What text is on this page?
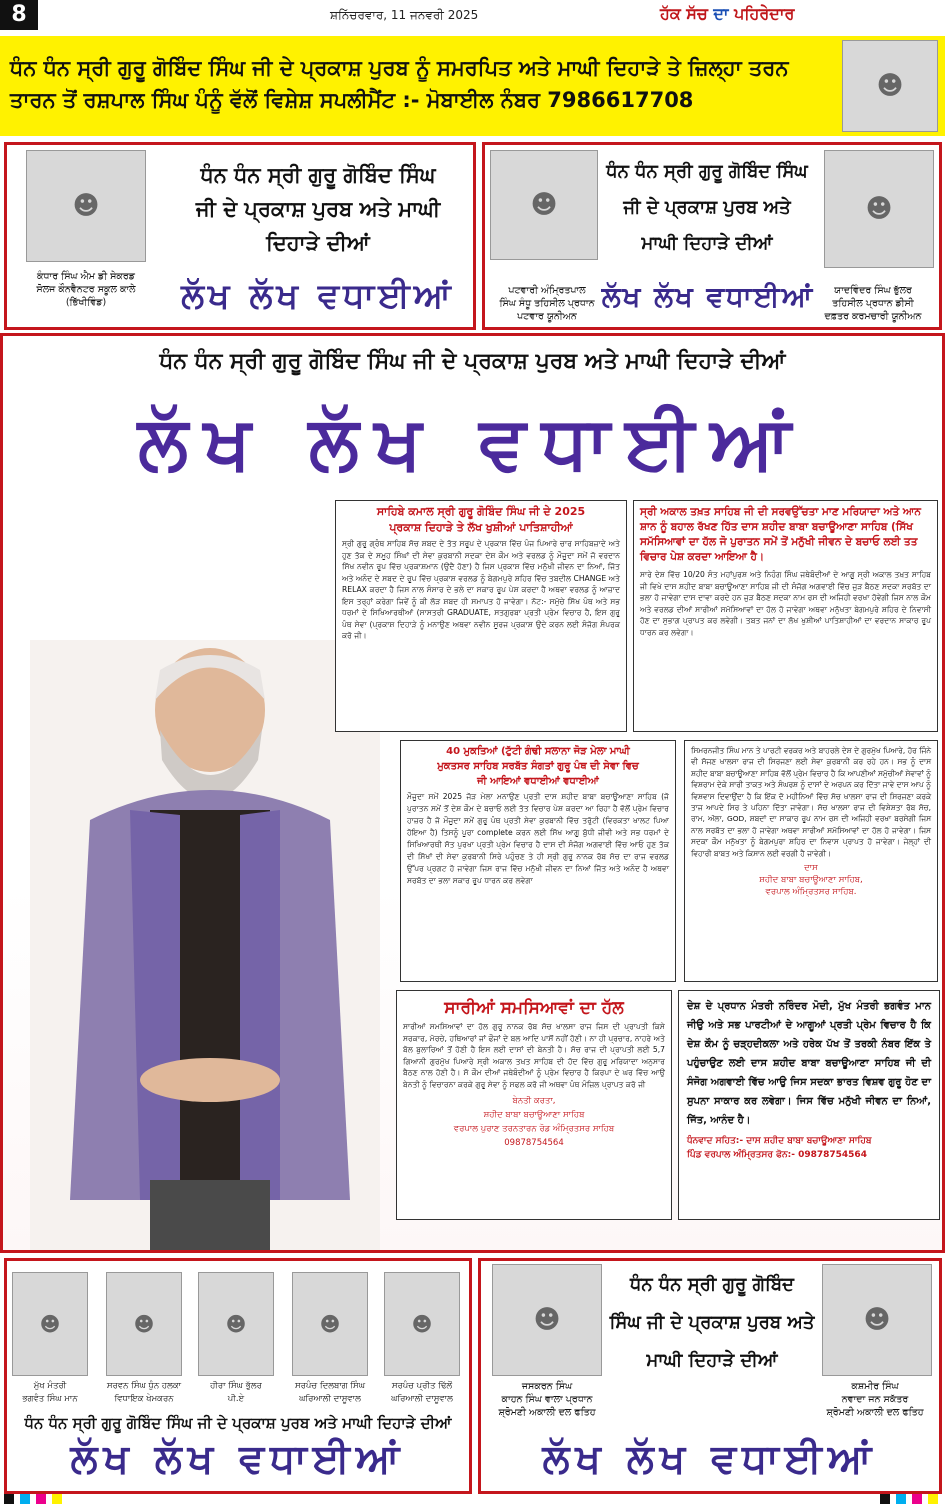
8	ਸ਼ਨਿੱਚਰਵਾਰ, 11 ਜਨਵਰੀ 2025	ਹੱਕ ਸੱਚ ਦਾ ਪਹਿਰੇਦਾਰ
ਧੰਨ ਧੰਨ ਸ੍ਰੀ ਗੁਰੂ ਗੋਬਿੰਦ ਸਿੰਘ ਜੀ ਦੇ ਪ੍ਰਕਾਸ਼ ਪੁਰਬ ਨੂੰ ਸਮਰਪਿਤ ਅਤੇ ਮਾਘੀ ਦਿਹਾੜੇ ਤੇ ਜ਼ਿਲ੍ਹਾ ਤਰਨ ਤਾਰਨ ਤੋਂ ਰਸ਼ਪਾਲ ਸਿੰਘ ਪੰਨੂੰ ਵੱਲੋਂ ਵਿਸ਼ੇਸ਼ ਸਪਲੀਮੈਂਟ :- ਮੋਬਾਈਲ ਨੰਬਰ 7986617708	☻
☻
ਕੰਧਾਰ ਸਿੰਘ ਐਮ ਡੀ ਸੇਕਰਡ
ਸੋਲਜ ਕੌਨਵੈਨਟਰ ਸਕੂਲ ਕਾਲੇ
(ਭਿੱਖੀਵਿੰਡ)
ਧੰਨ ਧੰਨ ਸ੍ਰੀ ਗੁਰੂ ਗੋਬਿੰਦ ਸਿੰਘ
ਜੀ ਦੇ ਪ੍ਰਕਾਸ਼ ਪੁਰਬ ਅਤੇ ਮਾਘੀ
ਦਿਹਾੜੇ ਦੀਆਂ
ਲੱਖ ਲੱਖ ਵਧਾਈਆਂ
☻
ਪਟਵਾਰੀ ਅੰਮ੍ਰਿਤਪਾਲ
ਸਿੰਘ ਸੰਧੂ ਤਹਿਸੀਲ ਪ੍ਰਧਾਨ
ਪਟਵਾਰ ਯੂਨੀਅਨ
☻
ਯਾਦਵਿੰਦਰ ਸਿੰਘ ਭੁੱਲਰ
ਤਹਿਸੀਲ ਪ੍ਰਧਾਨ ਡੀਸੀ
ਦਫ਼ਤਰ ਕਰਮਚਾਰੀ ਯੂਨੀਅਨ
ਧੰਨ ਧੰਨ ਸ੍ਰੀ ਗੁਰੂ ਗੋਬਿੰਦ ਸਿੰਘ
ਜੀ ਦੇ ਪ੍ਰਕਾਸ਼ ਪੁਰਬ ਅਤੇ
ਮਾਘੀ ਦਿਹਾੜੇ ਦੀਆਂ
ਲੱਖ ਲੱਖ ਵਧਾਈਆਂ
ਧੰਨ ਧੰਨ ਸ੍ਰੀ ਗੁਰੂ ਗੋਬਿੰਦ ਸਿੰਘ ਜੀ ਦੇ ਪ੍ਰਕਾਸ਼ ਪੁਰਬ ਅਤੇ ਮਾਘੀ ਦਿਹਾੜੇ ਦੀਆਂ
ਲੱਖ ਲੱਖ ਵਧਾਈਆਂ
ਸਾਹਿਬੇ ਕਮਾਲ ਸ੍ਰੀ ਗੁਰੂ ਗੋਬਿੰਦ ਸਿੰਘ ਜੀ ਦੇ 2025
ਪ੍ਰਕਾਸ਼ ਦਿਹਾੜੇ ਤੇ ਲੱਖ ਖੁਸ਼ੀਆਂ ਪਾਤਿਸ਼ਾਹੀਆਂ
ਸ੍ਰੀ ਗੁਰੂ ਗ੍ਰੰਥ ਸਾਹਿਬ ਸੱਚ ਸ਼ਬਦ ਦੇ ਤੱਤ ਸਰੂਪ ਦੇ ਪ੍ਰਕਾਸ਼ ਵਿੱਚ ਪੰਜ ਪਿਆਰੇ ਚਾਰ ਸਾਹਿਬਜ਼ਾਦੇ ਅਤੇ ਹੁਣ ਤੱਕ ਦੇ ਸਮੂਹ ਸਿੰਘਾਂ ਦੀ ਸੇਵਾ ਕੁਰਬਾਨੀ ਸਦਕਾ ਦੇਸ਼ ਕੌਮ ਅਤੇ ਵਰਲਡ ਨੂੰ ਮੌਜੂਦਾ ਸਮੇਂ ਜੋ ਵਰਦਾਨ ਸਿੱਖ ਨਵੀਨ ਰੂਪ ਵਿੱਚ ਪ੍ਰਕਾਸ਼ਮਾਨ (ਉਦੈ ਹੋਣਾ) ਹੈ ਜਿਸ ਪ੍ਰਕਾਸ਼ ਵਿੱਚ ਮਨੁੱਖੀ ਜੀਵਨ ਦਾ ਨਿਆਂ, ਜਿੱਤ ਅਤੇ ਅਨੰਦ ਦੇ ਸਬਦ ਦੇ ਰੂਪ ਵਿੱਚ ਪ੍ਰਕਾਸ਼ ਵਰਲਡ ਨੂੰ ਬੇਗਮਪੁਰੇ ਸ਼ਹਿਰ ਵਿੱਚ ਤਬਦੀਲ CHANGE ਅਤੇ RELAX ਕਰਦਾ ਹੈ ਜਿਸ ਨਾਲ ਸੰਸਾਰ ਦੇ ਭਲੇ ਦਾ ਸਕਾਰ ਰੂਪ ਪੇਸ਼ ਕਰਦਾ ਹੈ ਅਥਵਾ ਵਰਲਡ ਨੂੰ ਆਜ਼ਾਦ ਇਸ ਤਰ੍ਹਾਂ ਕਰੇਗਾ ਜਿਵੇਂ ਨੂੰ ਕੀ ਲੋੜ ਸ਼ਬਦ ਹੀ ਸਮਾਪਤ ਹੋ ਜਾਵੇਗਾ। ਨੋਟ:- ਸਮੁੱਚੇ ਸਿੱਖ ਪੰਥ ਅਤੇ ਸਭ ਧਰਮਾਂ ਦੇ ਸਿਖਿਆਰਥੀਆਂ (ਸਾਸਤਰੀ GRADUATE, ਸਤਗੁਰਬਾ ਪ੍ਰਤੀ ਪ੍ਰੇਮ ਵਿਚਾਰ ਹੈ, ਇਸ ਗੁਰੂ ਪੰਥ ਸੇਵਾ (ਪ੍ਰਕਾਸ਼ ਦਿਹਾੜੇ ਨੂੰ ਮਨਾਉਣ ਅਥਵਾ ਨਵੀਨ ਸੂਰਜ ਪ੍ਰਕਾਸ਼ ਉਦੇ ਕਰਨ ਲਈ ਸੰਜੋਗ ਸੰਪਰਕ ਕਰੋ ਜੀ।
ਸ੍ਰੀ ਅਕਾਲ ਤਖ਼ਤ ਸਾਹਿਬ ਜੀ ਦੀ ਸਰਵਉੱਚਤਾ ਮਾਣ ਮਰਿਯਾਦਾ ਅਤੇ ਆਨ ਸ਼ਾਨ ਨੂੰ ਬਹਾਲ ਰੱਖਣ ਹਿੱਤ ਦਾਸ ਸ਼ਹੀਦ ਬਾਬਾ ਬਚਾਊਆਣਾ ਸਾਹਿਬ (ਸਿੱਖ ਸਮੱਸਿਆਵਾਂ ਦਾ ਹੱਲ ਜੋ ਪੁਰਾਤਨ ਸਮੇਂ ਤੋਂ ਮਨੁੱਖੀ ਜੀਵਨ ਦੇ ਬਚਾਓ ਲਈ ਤਤ ਵਿਚਾਰ ਪੇਸ਼ ਕਰਦਾ ਆਇਆ ਹੈ।
ਸਾਰੇ ਦੇਸ਼ ਵਿੱਚ 10/20 ਸੰਤ ਮਹਾਂਪੁਰਸ਼ ਅਤੇ ਨਿਹੰਗ ਸਿੰਘ ਜਥੇਬੰਦੀਆਂ ਦੇ ਆਗੂ ਸ੍ਰੀ ਅਕਾਲ ਤਖ਼ਤ ਸਾਹਿਬ ਜੀ ਵਿਖੇ ਦਾਸ ਸ਼ਹੀਦ ਬਾਬਾ ਬਚਾਊਆਣਾ ਸਾਹਿਬ ਜੀ ਦੀ ਸੰਜੋਗ ਅਗਵਾਈ ਵਿੱਚ ਜੁੜ ਬੈਠਣ ਸਦਕਾ ਸਰਬੱਤ ਦਾ ਭਲਾ ਹੋ ਜਾਵੇਗਾ ਦਾਸ ਦਾਵਾ ਕਰਦੇ ਹਨ ਜੁੜ ਬੈਠਣ ਸਦਕਾ ਨਾਮ ਰਸ ਦੀ ਅਜਿਹੀ ਵਰਖਾ ਹੋਵੇਗੀ ਜਿਸ ਨਾਲ ਕੌਮ ਅਤੇ ਵਰਲਡ ਦੀਆਂ ਸਾਰੀਆਂ ਸਮੱਸਿਆਵਾਂ ਦਾ ਹੱਲ ਹੋ ਜਾਵੇਗਾ ਅਥਵਾ ਮਨੁੱਖਤਾ ਬੇਗਮਪੁਰੇ ਸ਼ਹਿਰ ਦੇ ਨਿਵਾਸੀ ਹੋਣ ਦਾ ਸੁਭਾਗ ਪ੍ਰਾਪਤ ਕਰ ਲਵੇਗੀ। ਤਬਤ ਜਨਾਂ ਦਾ ਲੱਖ ਖੁਸ਼ੀਆਂ ਪਾਤਿਸ਼ਾਹੀਆਂ ਦਾ ਵਰਦਾਨ ਸਾਕਾਰ ਰੂਪ ਧਾਰਨ ਕਰ ਲਵੇਗਾ।
40 ਮੁਕਤਿਆਂ (ਟੁੱਟੀ ਗੰਢੀ ਸਲਾਨਾ ਜੋੜ ਮੇਲਾ ਮਾਘੀ
ਮੁਕਤਸਰ ਸਾਹਿਬ ਸਰਬੱਤ ਸੰਗਤਾਂ ਗੁਰੂ ਪੰਥ ਦੀ ਸੇਵਾ ਵਿਚ
ਜੀ ਆਇਆਂ ਵਧਾਈਆਂ ਵਧਾਈਆਂ
ਮੌਜੂਦਾ ਸਮੇਂ 2025 ਜੋੜ ਮੇਲਾ ਮਨਾਉਣ ਪ੍ਰਤੀ ਦਾਸ ਸ਼ਹੀਦ ਬਾਬਾ ਬਚਾਊਆਣਾ ਸਾਹਿਬ (ਜੋ ਪੁਰਾਤਨ ਸਮੇਂ ਤੋਂ ਦੇਸ਼ ਕੌਮ ਦੇ ਬਚਾਓ ਲਈ ਤੱਤ ਵਿਚਾਰ ਪੇਸ਼ ਕਰਦਾ ਆ ਰਿਹਾ ਹੈ ਵੱਲੋਂ ਪ੍ਰੇਮ ਵਿਚਾਰ ਹਾਜ਼ਰ ਹੈ ਜੋ ਮੌਜੂਦਾ ਸਮੇਂ ਗੁਰੂ ਪੰਥ ਪ੍ਰਤੀ ਸੇਵਾ ਕੁਰਬਾਨੀ ਵਿੱਚ ਤਰੁੱਟੀ (ਵਿਰਕਤਾ ਖਾਲਟ ਪਿਆ ਹੋਇਆ ਹੈ) ਤਿਸਨੂੰ ਪੂਰਾ complete ਕਰਨ ਲਈ ਸਿੱਖ ਆਗੂ ਬੁੱਧੀ ਜੀਵੀ ਅਤੇ ਸਭ ਧਰਮਾਂ ਦੇ ਸਿਖਿਆਰਥੀ ਸੱਤ ਪੁਰਖਾ ਪ੍ਰਤੀ ਪ੍ਰੇਮ ਵਿਚਾਰ ਹੈ ਦਾਸ ਦੀ ਸੰਜੋਗ ਅਗਵਾਈ ਵਿੱਚ ਆਓ ਹੁਣ ਤੱਕ ਦੀ ਸਿੱਖਾਂ ਦੀ ਸੇਵਾ ਕੁਰਬਾਨੀ ਸਿਰੇ ਪਹੁੰਚਣ ਤੇ ਹੀ ਸ੍ਰੀ ਗੁਰੂ ਨਾਨਕ ਰੱਬ ਸੱਚ ਦਾ ਰਾਜ ਵਰਲਡ ਉੱਪਰ ਪ੍ਰਗਟ ਹੋ ਜਾਵੇਗਾ ਜਿਸ ਰਾਜ ਵਿੱਚ ਮਨੁੱਖੀ ਜੀਵਨ ਦਾ ਨਿਆਂ ਜਿੱਤ ਅਤੇ ਅਨੰਦ ਹੈ ਅਥਵਾ ਸਰਬੱਤ ਦਾ ਭਲਾ ਸਕਾਰ ਰੂਪ ਧਾਰਨ ਕਰ ਲਵੇਗਾ
ਸਿਮਰਨਜੀਤ ਸਿੰਘ ਮਾਨ ਤੇ ਪਾਰਟੀ ਵਰਕਰ ਅਤੇ ਬਾਹਰਲੇ ਦੇਸ਼ ਦੇ ਗੁਰਮੁੱਖ ਪਿਆਰੇ, ਹੋਰ ਜਿੰਨੇ ਵੀ ਸੱਜਣ ਖਾਲਸਾ ਰਾਜ ਦੀ ਸਿਰਜਣਾ ਲਈ ਸੇਵਾ ਕੁਰਬਾਨੀ ਕਰ ਰਹੇ ਹਨ। ਸਭ ਨੂੰ ਦਾਸ ਸ਼ਹੀਦ ਬਾਬਾ ਬਚਾਊਆਣਾ ਸਾਹਿਬ ਵੱਲੋਂ ਪ੍ਰੇਮ ਵਿਚਾਰ ਹੈ ਕਿ ਆਪਣੀਆਂ ਸਮੁੱਚੀਆਂ ਸੇਵਾਵਾਂ ਨੂੰ ਵਿਸ਼ਰਾਮ ਦੇਕੇ ਸਾਰੀ ਤਾਕਤ ਅਤੇ ਸੰਘਰਸ਼ ਨੂੰ ਦਾਸਾਂ ਦੇ ਅਰਪਨ ਕਰ ਦਿੱਤਾ ਜਾਵੇ ਦਾਸ ਆਪ ਨੂੰ ਵਿਸ਼ਵਾਸ ਦਿਵਾਉਂਦਾ ਹੈ ਕਿ ਇੱਕ ਦੋ ਮਹੀਨਿਆਂ ਵਿੱਚ ਸੱਚ ਖਾਲਸਾ ਰਾਜ ਦੀ ਸਿਰਜਣਾ ਕਰਕੇ ਤਾਜ ਆਪਦੇ ਸਿਰ ਤੇ ਪਹਿਨਾ ਦਿੱਤਾ ਜਾਵੇਗਾ। ਸੱਚ ਖਾਲਸਾ ਰਾਜ ਦੀ ਵਿਸ਼ੇਸ਼ਤਾ ਰੱਬ ਸੱਚ, ਰਾਮ, ਅੱਲਾ, GOD, ਸ਼ਬਦਾਂ ਦਾ ਸਾਕਾਰ ਰੂਪ ਨਾਮ ਰਸ ਦੀ ਅਜਿਹੀ ਵਰਖਾ ਬਰਸੇਗੀ ਜਿਸ ਨਾਲ ਸਰਬੱਤ ਦਾ ਭਲਾ ਹੋ ਜਾਵੇਗਾ ਅਥਵਾ ਸਾਰੀਆਂ ਸਮੱਸਿਆਵਾਂ ਦਾ ਹੱਲ ਹੋ ਜਾਵੇਗਾ। ਜਿਸ ਸਦਕਾ ਕੌਮ ਮਨੁੱਖਤਾ ਨੂੰ ਬੇਗਮਪੁਰਾ ਸ਼ਹਿਰ ਦਾ ਨਿਵਾਸ ਪ੍ਰਾਪਤ ਹੋ ਜਾਵੇਗਾ। ਜੇਲ੍ਹਾਂ ਦੀ ਵਿਹਾਰੀ ਬਾਬਤ ਅਤੇ ਕਿਸਾਨ ਲਈ ਵਰਗੀ ਹੈ ਜਾਵੇਗੀ।
ਦਾਸ
ਸ਼ਹੀਦ ਬਾਬਾ ਬਚਾਊਆਣਾ ਸਾਹਿਬ,
ਵਰਪਾਲ ਅੰਮ੍ਰਿਤਸਰ ਸਾਹਿਬ.
ਸਾਰੀਆਂ ਸਮਸਿਆਵਾਂ ਦਾ ਹੱਲ
ਸਾਰੀਆਂ ਸਮਸਿਆਵਾਂ ਦਾ ਹੱਲ ਗੁਰੂ ਨਾਨਕ ਰੱਬ ਸੱਚ ਖਾਲਸਾ ਰਾਜ ਜਿਸ ਦੀ ਪ੍ਰਾਪਤੀ ਕਿਸੇ ਸਰਕਾਰ, ਮੋਰਚੇ, ਹਥਿਆਰਾਂ ਜਾਂ ਫੌਜਾਂ ਦੇ ਬਲ ਆਦਿ ਪਾਸੋਂ ਨਹੀਂ ਹੋਣੀ। ਨਾ ਹੀ ਪ੍ਰਚਾਰ, ਨਾਹਰੇ ਅਤੇ ਬੋਲ ਬੁਲਾਰਿਆਂ ਤੋਂ ਹੋਣੀ ਹੈ ਇਸ ਲਈ ਦਾਸਾਂ ਦੀ ਬੇਨਤੀ ਹੈ। ਸੱਚ ਰਾਜ ਦੀ ਪ੍ਰਾਪਤੀ ਲਈ 5,7 ਗਿਆਨੀ ਗੁਰਮੁੱਖ ਪਿਆਰੇ ਸ੍ਰੀ ਅਕਾਲ ਤਖ਼ਤ ਸਾਹਿਬ ਦੀ ਹੱਦ ਵਿੱਚ ਗੁਰੂ ਮਰਿਯਾਦਾ ਅਨੁਸਾਰ ਬੈਠਣ ਨਾਲ ਹੋਣੀ ਹੈ। ਸੋ ਕੌਮ ਦੀਆਂ ਜਥੇਬੰਦੀਆਂ ਨੂੰ ਪ੍ਰੇਮ ਵਿਚਾਰ ਹੈ ਕਿਰਪਾ ਦੇ ਘਰ ਵਿੱਚ ਆਉ ਬੇਨਤੀ ਨੂੰ ਵਿਚਾਰਨਾ ਕਰਕੇ ਗੁਰੂ ਸੇਵਾ ਨੂੰ ਸਫਲ ਕਰੋ ਜੀ ਅਥਵਾ ਪੰਥ ਮੰਜ਼ਿਲ ਪ੍ਰਾਪਤ ਕਰੋ ਜੀ
ਬੇਨਤੀ ਕਰਤਾ,
ਸ਼ਹੀਦ ਬਾਬਾ ਬਚਾਊਆਣਾ ਸਾਹਿਬ
ਵਰਪਾਲ ਪੁਰਾਣ ਤਰਨਤਾਰਨ ਰੋਡ ਅੰਮ੍ਰਿਤਸਰ ਸਾਹਿਬ
09878754564
ਦੇਸ਼ ਦੇ ਪ੍ਰਧਾਨ ਮੰਤਰੀ ਨਰਿੰਦਰ ਮੋਦੀ, ਮੁੱਖ ਮੰਤਰੀ ਭਗਵੰਤ ਮਾਨ ਜੀਉ ਅਤੇ ਸਭ ਪਾਰਟੀਆਂ ਦੇ ਆਗੂਆਂ ਪ੍ਰਤੀ ਪ੍ਰੇਮ ਵਿਚਾਰ ਹੈ ਕਿ ਦੇਸ਼ ਕੌਮ ਨੂੰ ਚੜ੍ਹਦੀਕਲਾ ਅਤੇ ਹਰੇਕ ਪੱਖ ਤੋਂ ਤਰਕੀ ਨੰਬਰ ਇੱਕ ਤੇ ਪਹੁੰਚਾਉਣ ਲਈ ਦਾਸ ਸ਼ਹੀਦ ਬਾਬਾ ਬਚਾਊਆਣਾ ਸਾਹਿਬ ਜੀ ਦੀ ਸੰਜੋਗ ਅਗਵਾਈ ਵਿੱਚ ਆਉ ਜਿਸ ਸਦਕਾ ਭਾਰਤ ਵਿਸ਼ਵ ਗੁਰੂ ਹੋਣ ਦਾ ਸੁਪਨਾ ਸਾਕਾਰ ਕਰ ਲਵੇਗਾ। ਜਿਸ ਵਿੱਚ ਮਨੁੱਖੀ ਜੀਵਨ ਦਾ ਨਿਆਂ, ਜਿੱਤ, ਆਨੰਦ ਹੈ।
ਧੰਨਵਾਦ ਸਹਿਤ:- ਦਾਸ ਸ਼ਹੀਦ ਬਾਬਾ ਬਚਾਊਆਣਾ ਸਾਹਿਬ
ਪਿੰਡ ਵਰਪਾਲ ਅੰਮ੍ਰਿਤਸਰ ਫੋਨ:- 09878754564
☻	☻	☻	☻	☻
ਮੁੱਖ ਮੰਤਰੀ
ਭਗਵੰਤ ਸਿੰਘ ਮਾਨ
ਸਰਵਨ ਸਿੰਘ ਧੁੰਨ ਹਲਕਾ
ਵਿਧਾਇਕ ਖੇਮਕਰਨ
ਹੀਰਾ ਸਿੰਘ ਭੁੱਲਰ
ਪੀ.ਏ
ਸਰਪੰਚ ਦਿਲਬਾਗ ਸਿੰਘ
ਘਰਿਆਲੀ ਦਾਸੂਵਾਲ
ਸਰਪੰਚ ਪ੍ਰੀਤ ਢਿੱਲੋਂ
ਘਰਿਆਲੀ ਦਾਸੂਵਾਲ
ਧੰਨ ਧੰਨ ਸ੍ਰੀ ਗੁਰੂ ਗੋਬਿੰਦ ਸਿੰਘ ਜੀ ਦੇ ਪ੍ਰਕਾਸ਼ ਪੁਰਬ ਅਤੇ ਮਾਘੀ ਦਿਹਾੜੇ ਦੀਆਂ
ਲੱਖ ਲੱਖ ਵਧਾਈਆਂ
☻
ਜਸਕਰਨ ਸਿੰਘ
ਕਾਹਨ ਸਿੰਘ ਵਾਲਾ ਪ੍ਰਧਾਨ
ਸ਼੍ਰੋਮਣੀ ਅਕਾਲੀ ਦਲ ਫਤਿਹ
☻
ਕਸ਼ਮੀਰ ਸਿੰਘ
ਨਵਾਦਾ ਜਨ ਸਕੱਤਰ
ਸ਼੍ਰੋਮਣੀ ਅਕਾਲੀ ਦਲ ਫਤਿਹ
ਧੰਨ ਧੰਨ ਸ੍ਰੀ ਗੁਰੂ ਗੋਬਿੰਦ
ਸਿੰਘ ਜੀ ਦੇ ਪ੍ਰਕਾਸ਼ ਪੁਰਬ ਅਤੇ
ਮਾਘੀ ਦਿਹਾੜੇ ਦੀਆਂ
ਲੱਖ ਲੱਖ ਵਧਾਈਆਂ
